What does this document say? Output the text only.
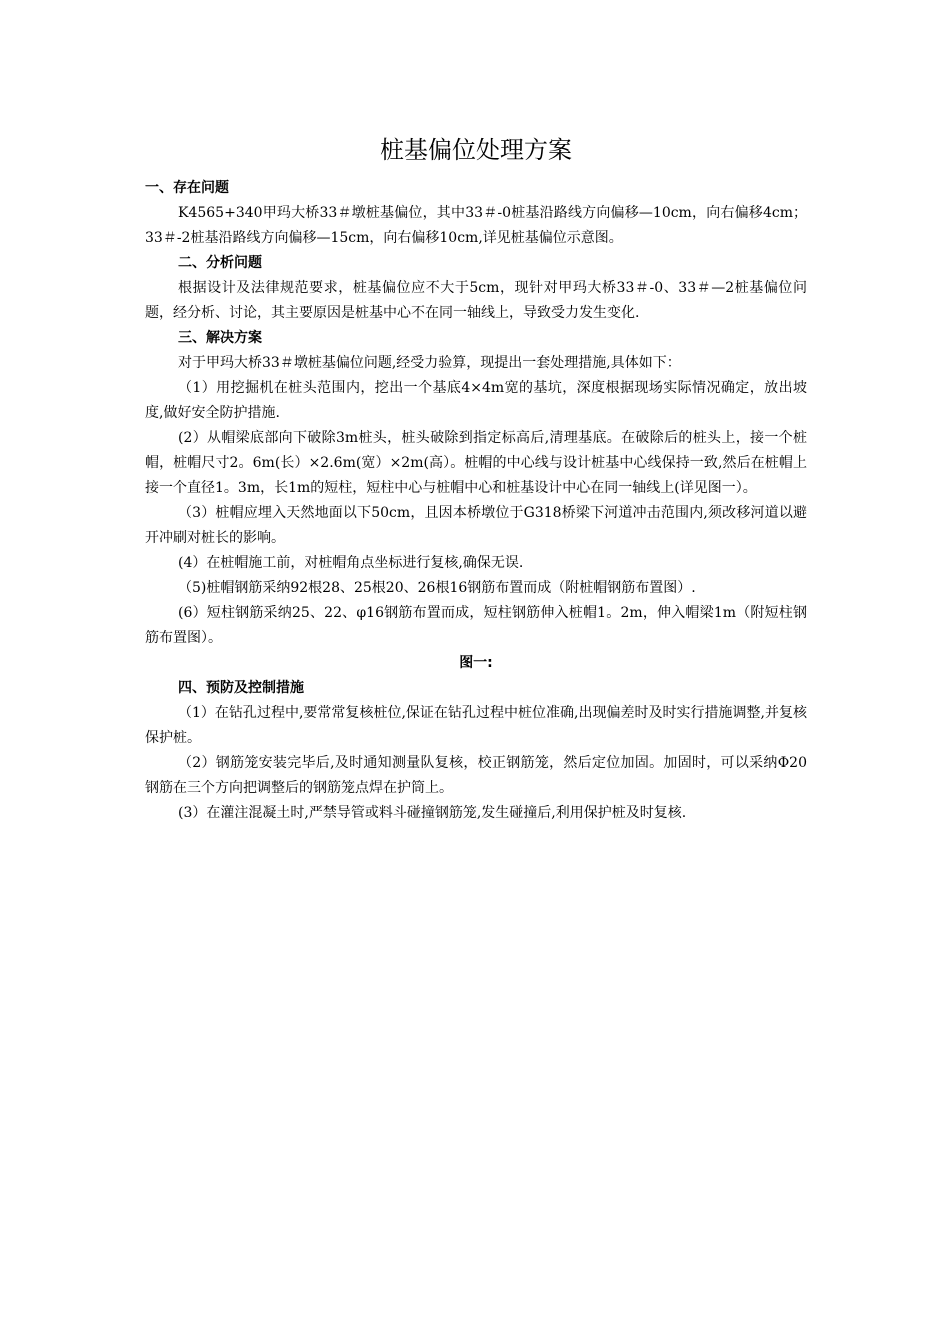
桩基偏位处理方案

一、存在问题

K4565+340甲玛大桥33＃墩桩基偏位，其中33＃-0桩基沿路线方向偏移—10cm，向右偏移4cm；33＃-2桩基沿路线方向偏移—15cm，向右偏移10cm,详见桩基偏位示意图。

二、分析问题

根据设计及法律规范要求，桩基偏位应不大于5cm，现针对甲玛大桥33＃-0、33＃—2桩基偏位问题，经分析、讨论，其主要原因是桩基中心不在同一轴线上，导致受力发生变化.

三、解决方案

对于甲玛大桥33＃墩桩基偏位问题,经受力验算，现提出一套处理措施,具体如下：

（1）用挖掘机在桩头范围内，挖出一个基底4×4m宽的基坑，深度根据现场实际情况确定，放出坡度,做好安全防护措施.

(2）从帽梁底部向下破除3m桩头，桩头破除到指定标高后,清理基底。在破除后的桩头上，接一个桩帽，桩帽尺寸2。6m(长）×2.6m(宽）×2m(高）。桩帽的中心线与设计桩基中心线保持一致,然后在桩帽上接一个直径1。3m，长1m的短柱，短柱中心与桩帽中心和桩基设计中心在同一轴线上(详见图一）。

（3）桩帽应埋入天然地面以下50cm，且因本桥墩位于G318桥梁下河道冲击范围内,须改移河道以避开冲刷对桩长的影响。

(4）在桩帽施工前，对桩帽角点坐标进行复核,确保无误.

（5)桩帽钢筋采纳92根28、25根20、26根16钢筋布置而成（附桩帽钢筋布置图）.

(6）短柱钢筋采纳25、22、φ16钢筋布置而成，短柱钢筋伸入桩帽1。2m，伸入帽梁1m（附短柱钢筋布置图）。

图一:

四、预防及控制措施

（1）在钻孔过程中,要常常复核桩位,保证在钻孔过程中桩位准确,出现偏差时及时实行措施调整,并复核保护桩。

（2）钢筋笼安装完毕后,及时通知测量队复核，校正钢筋笼，然后定位加固。加固时，可以采纳Φ20钢筋在三个方向把调整后的钢筋笼点焊在护筒上。

(3）在灌注混凝土时,严禁导管或料斗碰撞钢筋笼,发生碰撞后,利用保护桩及时复核.
